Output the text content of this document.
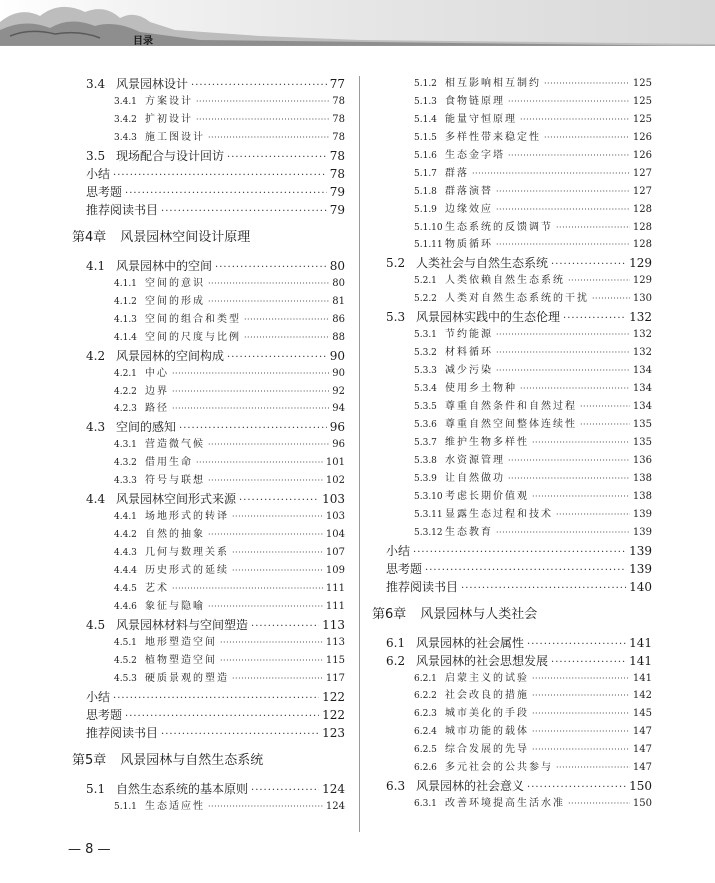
目录
3.4 风景园林设计 ·····	77
3.4.1 方案设计 ·····	78
3.4.2 扩初设计 ·····	78
3.4.3 施工图设计 ·····	78
3.5 现场配合与设计回访 ·····	78
小结 ·····	78
思考题 ·····	79
推荐阅读书目 ·····	79
第4章 风景园林空间设计原理
4.1 风景园林中的空间 ·····	80
4.1.1 空间的意识 ·····	80
4.1.2 空间的形成 ·····	81
4.1.3 空间的组合和类型 ·····	86
4.1.4 空间的尺度与比例 ·····	88
4.2 风景园林的空间构成 ·····	90
4.2.1 中心 ·····	90
4.2.2 边界 ·····	92
4.2.3 路径 ·····	94
4.3 空间的感知 ·····	96
4.3.1 营造微气候 ·····	96
4.3.2 借用生命 ·····	101
4.3.3 符号与联想 ·····	102
4.4 风景园林空间形式来源 ·····	103
4.4.1 场地形式的转译 ·····	103
4.4.2 自然的抽象 ·····	104
4.4.3 几何与数理关系 ·····	107
4.4.4 历史形式的延续 ·····	109
4.4.5 艺术 ·····	111
4.4.6 象征与隐喻 ·····	111
4.5 风景园林材料与空间塑造 ·····	113
4.5.1 地形塑造空间 ·····	113
4.5.2 植物塑造空间 ·····	115
4.5.3 硬质景观的塑造 ·····	117
小结 ·····	122
思考题 ·····	122
推荐阅读书目 ·····	123
第5章 风景园林与自然生态系统
5.1 自然生态系统的基本原则 ·····	124
5.1.1 生态适应性 ·····	124
5.1.2 相互影响相互制约 ·····	125
5.1.3 食物链原理 ·····	125
5.1.4 能量守恒原理 ·····	125
5.1.5 多样性带来稳定性 ·····	126
5.1.6 生态金字塔 ·····	126
5.1.7 群落 ·····	127
5.1.8 群落演替 ·····	127
5.1.9 边缘效应 ·····	128
5.1.10 生态系统的反馈调节 ·····	128
5.1.11 物质循环 ·····	128
5.2 人类社会与自然生态系统 ·····	129
5.2.1 人类依赖自然生态系统 ·····	129
5.2.2 人类对自然生态系统的干扰 ·····	130
5.3 风景园林实践中的生态伦理 ·····	132
5.3.1 节约能源 ·····	132
5.3.2 材料循环 ·····	132
5.3.3 减少污染 ·····	134
5.3.4 使用乡土物种 ·····	134
5.3.5 尊重自然条件和自然过程 ·····	134
5.3.6 尊重自然空间整体连续性 ·····	135
5.3.7 维护生物多样性 ·····	135
5.3.8 水资源管理 ·····	136
5.3.9 让自然做功 ·····	138
5.3.10 考虑长期价值观 ·····	138
5.3.11 显露生态过程和技术 ·····	139
5.3.12 生态教育 ·····	139
小结 ·····	139
思考题 ·····	139
推荐阅读书目 ·····	140
第6章 风景园林与人类社会
6.1 风景园林的社会属性 ·····	141
6.2 风景园林的社会思想发展 ·····	141
6.2.1 启蒙主义的试验 ·····	141
6.2.2 社会改良的措施 ·····	142
6.2.3 城市美化的手段 ·····	145
6.2.4 城市功能的载体 ·····	147
6.2.5 综合发展的先导 ·····	147
6.2.6 多元社会的公共参与 ·····	147
6.3 风景园林的社会意义 ·····	150
6.3.1 改善环境提高生活水准 ·····	150
— 8 —
